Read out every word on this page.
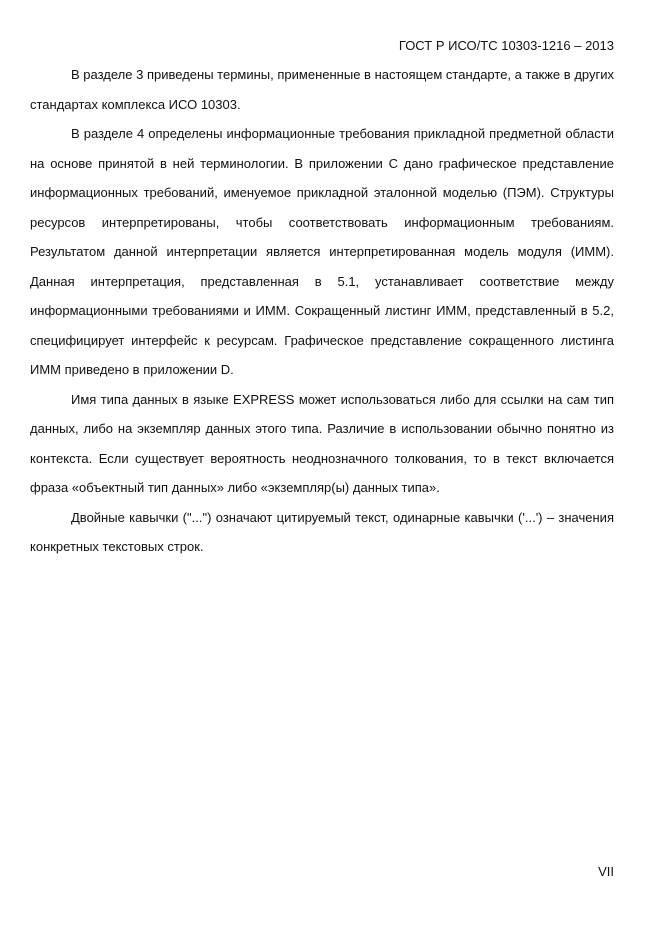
ГОСТ Р ИСО/ТС 10303-1216 – 2013

В разделе 3 приведены термины, примененные в настоящем стандарте, а также в других стандартах комплекса ИСО 10303.

В разделе 4 определены информационные требования прикладной предметной области на основе принятой в ней терминологии. В приложении С дано графическое представление информационных требований, именуемое прикладной эталонной моделью (ПЭМ). Структуры ресурсов интерпретированы, чтобы соответствовать информационным требованиям. Результатом данной интерпретации является интерпретированная модель модуля (ИММ). Данная интерпретация, представленная в 5.1, устанавливает соответствие между информационными требованиями и ИММ. Сокращенный листинг ИММ, представленный в 5.2, специфицирует интерфейс к ресурсам. Графическое представление сокращенного листинга ИММ приведено в приложении D.

Имя типа данных в языке EXPRESS может использоваться либо для ссылки на сам тип данных, либо на экземпляр данных этого типа. Различие в использовании обычно понятно из контекста. Если существует вероятность неоднозначного толкования, то в текст включается фраза «объектный тип данных» либо «экземпляр(ы) данных типа».

Двойные кавычки ("...") означают цитируемый текст, одинарные кавычки ('...') – значения конкретных текстовых строк.

VII
